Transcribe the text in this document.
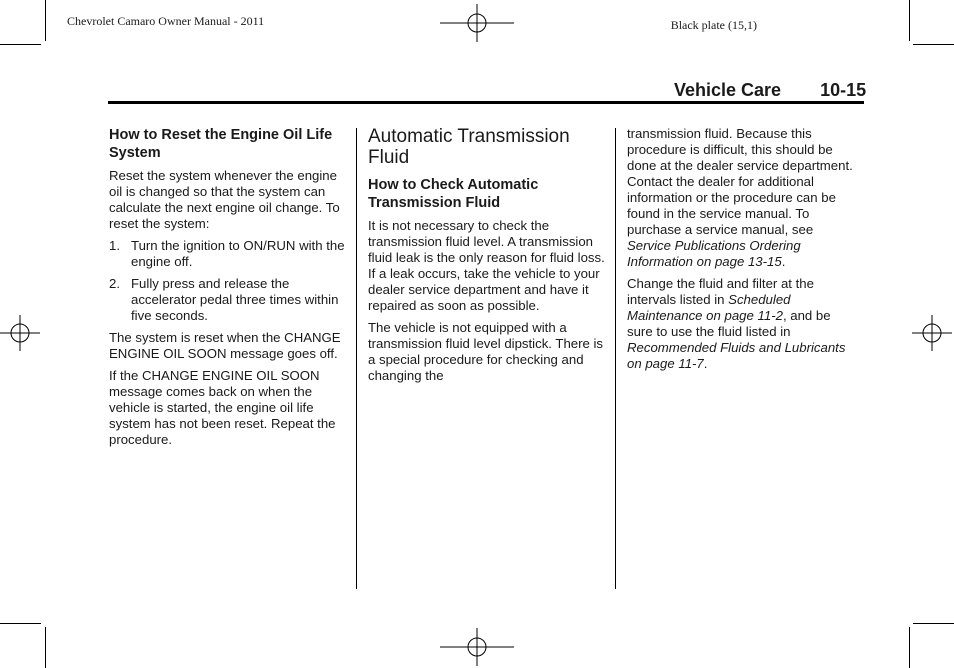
Chevrolet Camaro Owner Manual - 2011	Black plate (15,1)
Vehicle Care 10-15
How to Reset the Engine Oil Life System

Reset the system whenever the engine oil is changed so that the system can calculate the next engine oil change. To reset the system:

1. Turn the ignition to ON/RUN with the engine off.
2. Fully press and release the accelerator pedal three times within five seconds.

The system is reset when the CHANGE ENGINE OIL SOON message goes off.

If the CHANGE ENGINE OIL SOON message comes back on when the vehicle is started, the engine oil life system has not been reset. Repeat the procedure.

Automatic Transmission Fluid
How to Check Automatic Transmission Fluid

It is not necessary to check the transmission fluid level. A transmission fluid leak is the only reason for fluid loss. If a leak occurs, take the vehicle to your dealer service department and have it repaired as soon as possible.

The vehicle is not equipped with a transmission fluid level dipstick. There is a special procedure for checking and changing the

transmission fluid. Because this procedure is difficult, this should be done at the dealer service department. Contact the dealer for additional information or the procedure can be found in the service manual. To purchase a service manual, see Service Publications Ordering Information on page 13-15.

Change the fluid and filter at the intervals listed in Scheduled Maintenance on page 11-2, and be sure to use the fluid listed in Recommended Fluids and Lubricants on page 11-7.
